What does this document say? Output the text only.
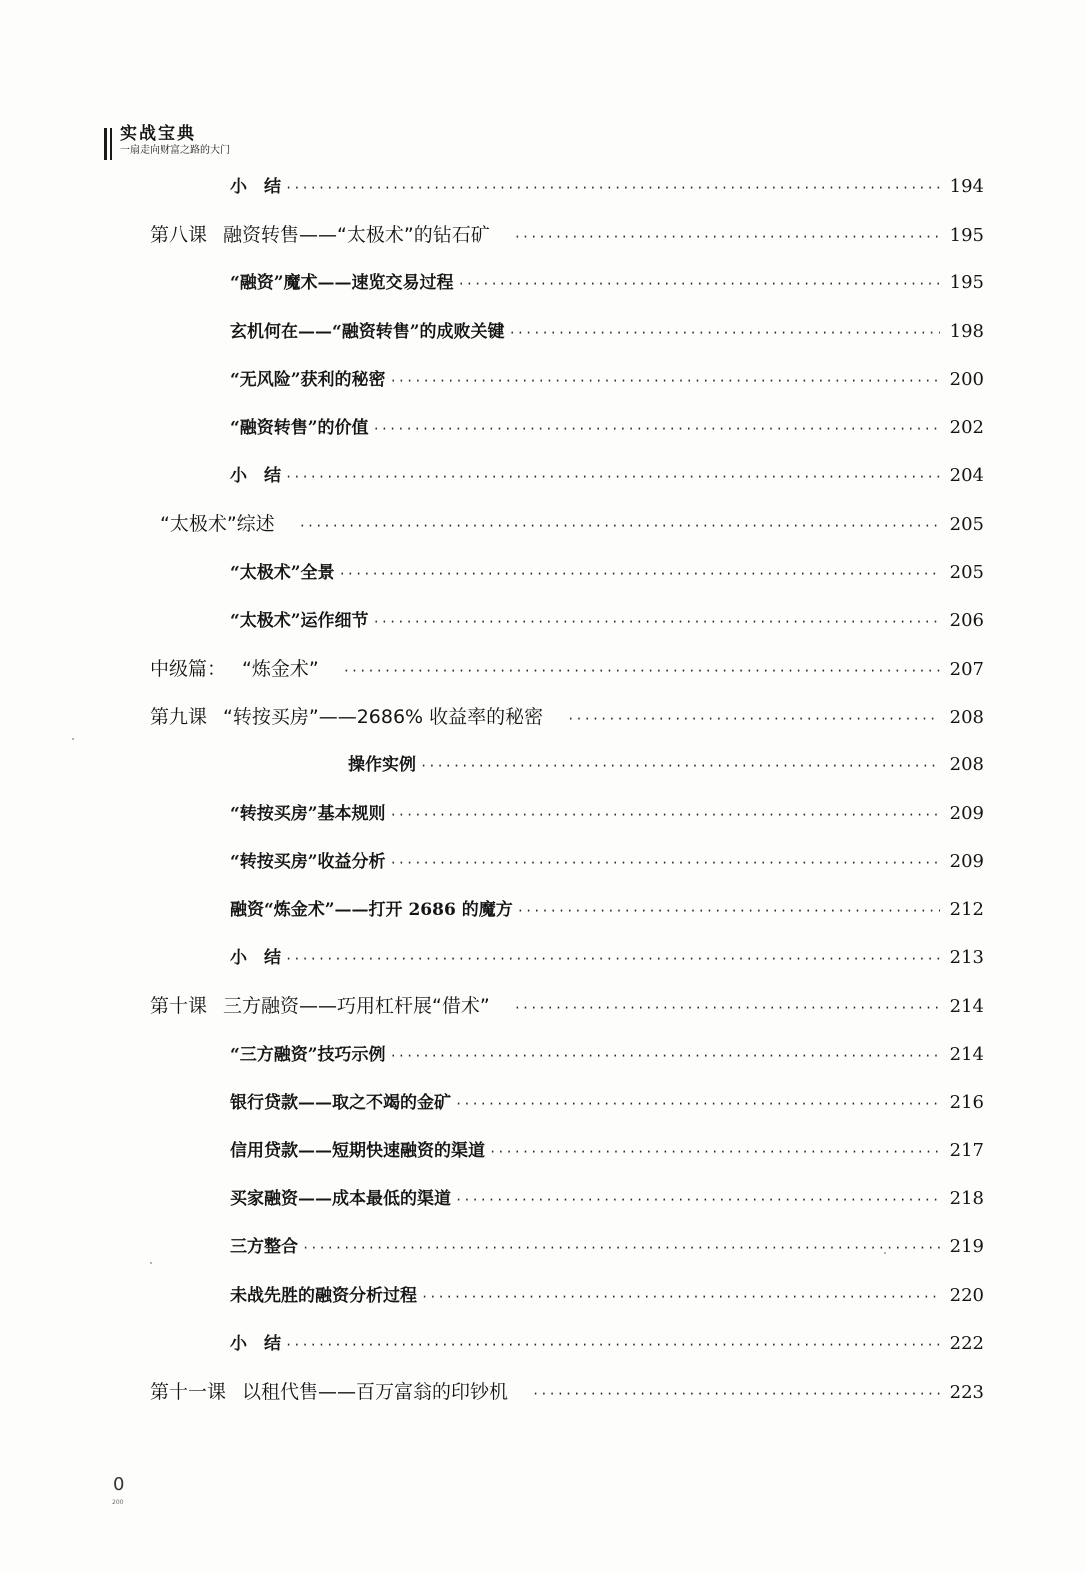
实战宝典
一扇走向财富之路的大门
小　结 ·····	194
第八课 融资转售——“太极术”的钻石矿 ·····	195
“融资”魔术——速览交易过程 ·····	195
玄机何在——“融资转售”的成败关键 ·····	198
“无风险”获利的秘密 ·····	200
“融资转售”的价值 ·····	202
小　结 ·····	204
“太极术”综述 ·····	205
“太极术”全景 ·····	205
“太极术”运作细节 ·····	206
中级篇： “炼金术” ·····	207
第九课 “转按买房”——2686% 收益率的秘密 ·····	208
操作实例 ·····	208
“转按买房”基本规则 ·····	209
“转按买房”收益分析 ·····	209
融资“炼金术”——打开 2686 的魔方 ·····	212
小　结 ·····	213
第十课 三方融资——巧用杠杆展“借术” ·····	214
“三方融资”技巧示例 ·····	214
银行贷款——取之不竭的金矿 ·····	216
信用贷款——短期快速融资的渠道 ·····	217
买家融资——成本最低的渠道 ·····	218
三方整合 ·····	219
未战先胜的融资分析过程 ·····	220
小　结 ·····	222
第十一课 以租代售——百万富翁的印钞机 ·····	223
0
200
